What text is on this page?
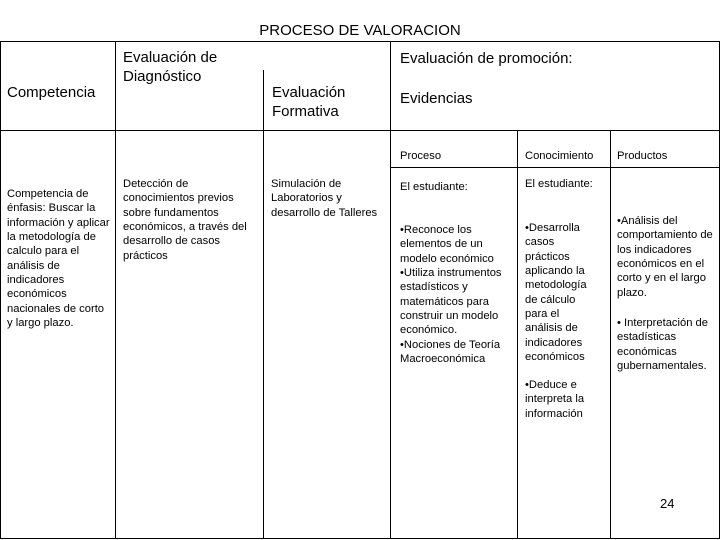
PROCESO DE VALORACION
Competencia
Evaluación de Diagnóstico
Evaluación Formativa
Evaluación de promoción:
Evidencias
Proceso	Conocimiento	Productos
Competencia de énfasis: Buscar la información y aplicar la metodología de calculo para el análisis de indicadores económicos nacionales de corto y largo plazo.
Detección de conocimientos previos sobre fundamentos económicos, a través del desarrollo de casos prácticos
Simulación de Laboratorios y desarrollo de Talleres
El estudiante:
•Reconoce los elementos de un modelo económico
•Utiliza instrumentos estadísticos y matemáticos para construir un modelo económico.
•Nociones de Teoría Macroeconómica
El estudiante:
•Desarrolla casos prácticos aplicando la metodología de cálculo para el análisis de indicadores económicos
•Deduce e interpreta la información
•Análisis del comportamiento de los indicadores económicos en el corto y en el largo plazo.
• Interpretación de estadísticas económicas gubernamentales.
24
